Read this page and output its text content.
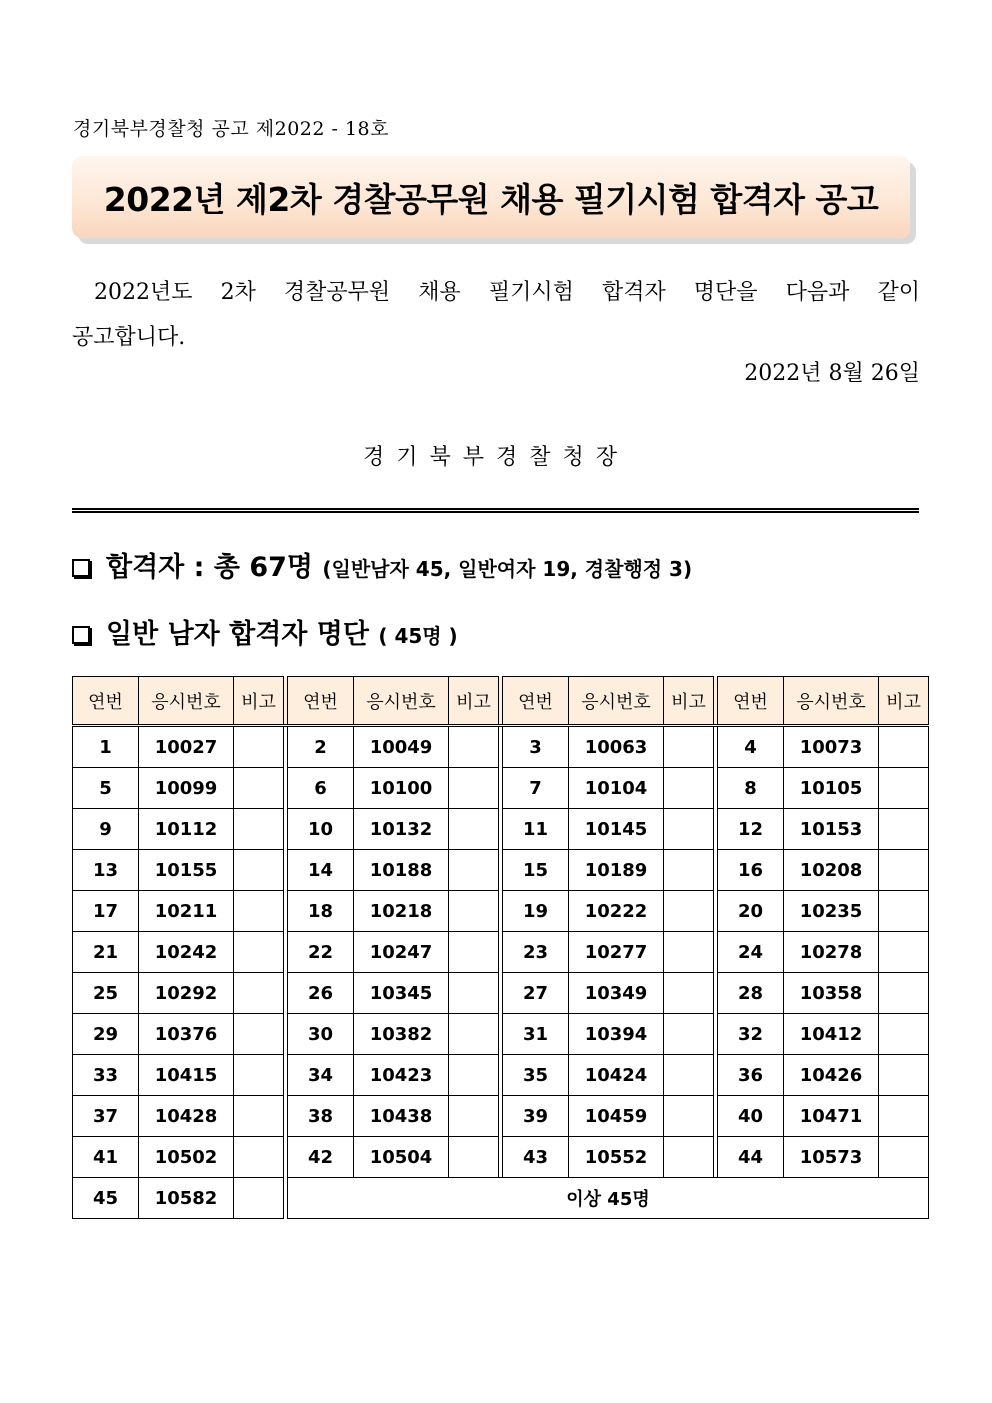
경기북부경찰청 공고 제2022 - 18호
2022년 제2차 경찰공무원 채용 필기시험 합격자 공고
2022년도 2차 경찰공무원 채용 필기시험 합격자 명단을 다음과 같이
공고합니다.
2022년 8월 26일
경기북부경찰청장
합격자 : 총 67명 (일반남자 45, 일반여자 19, 경찰행정 3)
일반 남자 합격자 명단 ( 45명 )
연번	응시번호	비고		연번	응시번호	비고		연번	응시번호	비고		연번	응시번호	비고
1	10027			2	10049			3	10063			4	10073	
5	10099			6	10100			7	10104			8	10105	
9	10112			10	10132			11	10145			12	10153	
13	10155			14	10188			15	10189			16	10208	
17	10211			18	10218			19	10222			20	10235	
21	10242			22	10247			23	10277			24	10278	
25	10292			26	10345			27	10349			28	10358	
29	10376			30	10382			31	10394			32	10412	
33	10415			34	10423			35	10424			36	10426	
37	10428			38	10438			39	10459			40	10471	
41	10502			42	10504			43	10552			44	10573	
45	10582			이상 45명										
